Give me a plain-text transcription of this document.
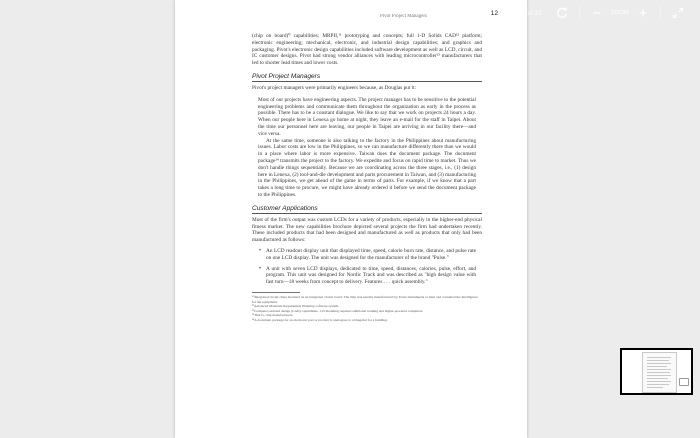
Pivot Project Managers

(chip on board)⁰ capabilities; MRPII,¹¹ prototyping and concepts; full 1-D Solids CAD¹² platform; electronic engineering; mechanical, electronic, and industrial design capabilities; and graphics and packaging. Pivot's electronic design capabilities included software development as well as LCD, circuit, and IC customer designs. Pivot had strong vendor alliances with leading microcontroller¹³ manufacturers that led to shorter lead times and lower costs.

Pivot Project Managers

Pivot's project managers were primarily engineers because, as Douglas put it:

Most of our projects have engineering aspects. The project manager has to be sensitive to the potential engineering problems and communicate them throughout the organization as early in the process as possible. There has to be a constant dialogue. We like to say that we work on projects 24 hours a day. When our people here in Lenexa go home at night, they leave an e-mail for the staff in Taipei. About the time our personnel here are leaving, our people in Taipei are arriving in our facility there—and vice versa.

At the same time, someone is also talking to the factory in the Philippines about manufacturing issues. Labor costs are low in the Philippines, so we can manufacture differently there than we would in a place where labor is more expensive. Taiwan does the document package. The document package¹⁴ transmits the project to the factory. We expedite and focus on rapid time to market. Thus we don't handle things sequentially. Because we are coordinating across the three stages, i.e., (1) design here in Lenexa, (2) tool-and-die development and parts procurement in Taiwan, and (3) manufacturing in the Philippines, we get ahead of the game in terms of parts. For example, if we know that a part takes a long time to procure, we might have already ordered it before we send the document package to the Philippines.

Customer Applications

Most of the firm's output was custom LCDs for a variety of products, especially in the higher-end physical fitness market. The new capabilities brochure depicted several projects the firm had undertaken recently. These included products that had been designed and manufactured as well as products that only had been manufactured as follows:

• An LCD readout display unit that displayed time, speed, calorie burn rate, distance, and pulse rate on one LCD display. The unit was designed for the manufacturer of the brand "Pulse."

• A unit with seven LCD displays, dedicated to time, speed, distances, calories, pulse, effort, and program. This unit was designed for Nordic Track and was described as "high design value with fast turn—18 weeks from concept to delivery. Features . . . quick assembly."

¹⁰Integrated circuit chips mounted on an integrated circuit board. The chip was usually manufactured by Texas Instruments or Intel and contained the intelligence for the equipment.

¹¹Advanced Materials Requirement Planning software system.

¹²Computer-assisted design (CAD) capabilities. 1-D modeling required additional training and higher-powered computers.

¹³That is, chip manufacturers.

¹⁴A document package for an electronic part or product is analogous to a blueprint for a building.

Page	12	of 21	ZOOM
